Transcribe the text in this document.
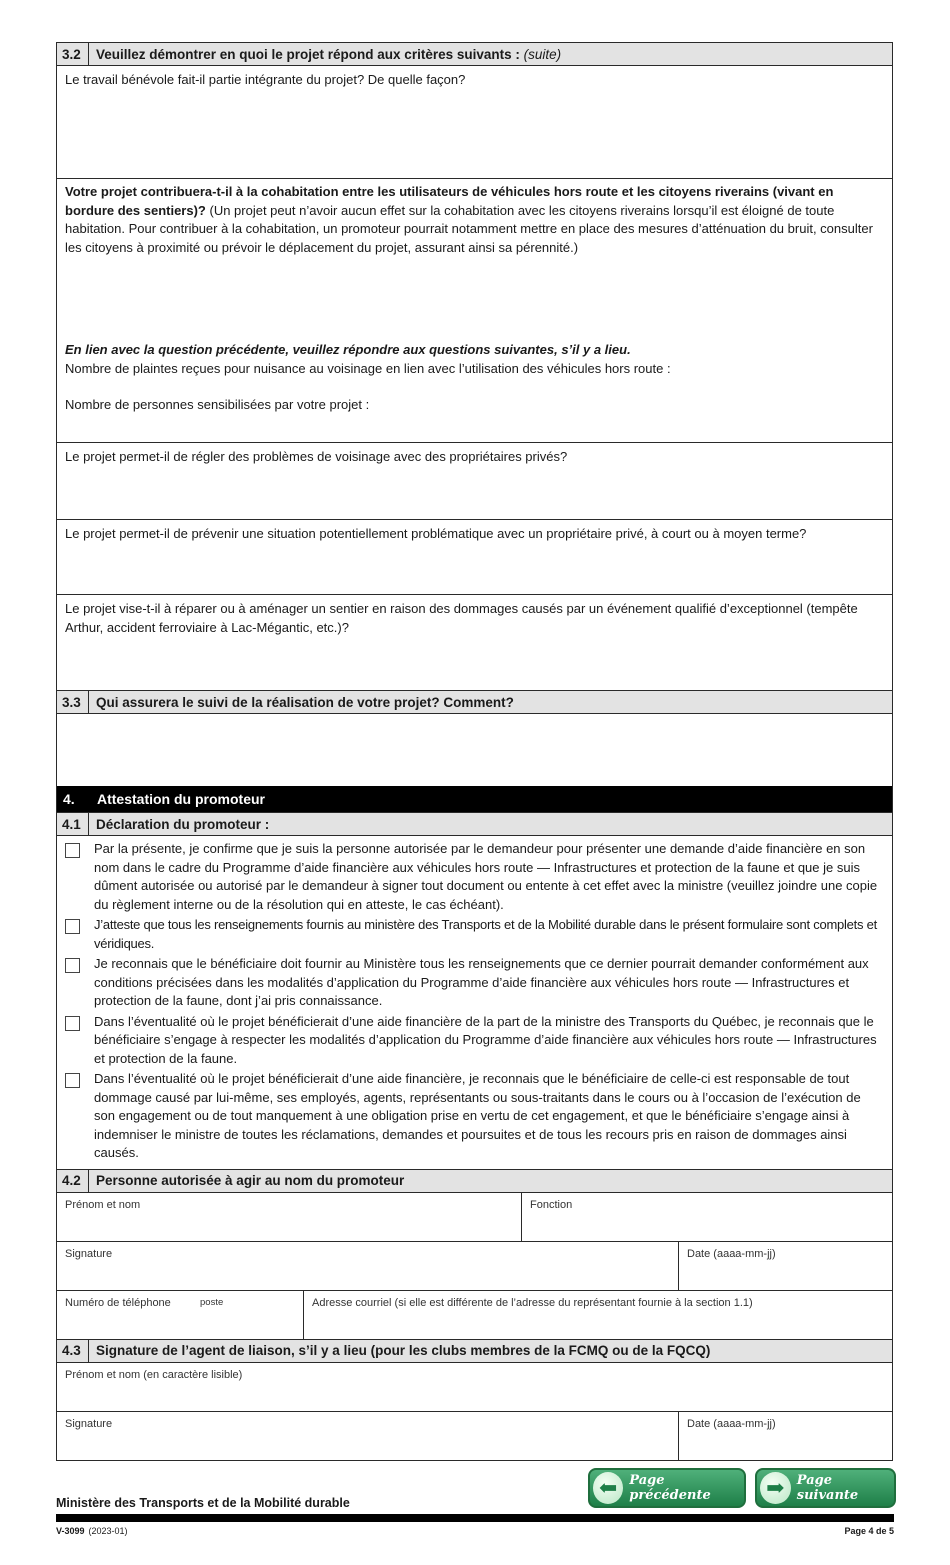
3.2	Veuillez démontrer en quoi le projet répond aux critères suivants : (suite)
Le travail bénévole fait-il partie intégrante du projet? De quelle façon?
Votre projet contribuera-t-il à la cohabitation entre les utilisateurs de véhicules hors route et les citoyens riverains (vivant en bordure des sentiers)? (Un projet peut n’avoir aucun effet sur la cohabitation avec les citoyens riverains lorsqu’il est éloigné de toute habitation. Pour contribuer à la cohabitation, un promoteur pourrait notamment mettre en place des mesures d’atténuation du bruit, consulter les citoyens à proximité ou prévoir le déplacement du projet, assurant ainsi sa pérennité.)
En lien avec la question précédente, veuillez répondre aux questions suivantes, s’il y a lieu.
Nombre de plaintes reçues pour nuisance au voisinage en lien avec l’utilisation des véhicules hors route :
Nombre de personnes sensibilisées par votre projet :
Le projet permet-il de régler des problèmes de voisinage avec des propriétaires privés?
Le projet permet-il de prévenir une situation potentiellement problématique avec un propriétaire privé, à court ou à moyen terme?
Le projet vise-t-il à réparer ou à aménager un sentier en raison des dommages causés par un événement qualifié d’exceptionnel (tempête Arthur, accident ferroviaire à Lac-Mégantic, etc.)?
3.3	Qui assurera le suivi de la réalisation de votre projet? Comment?
4.	Attestation du promoteur
4.1	Déclaration du promoteur :
Par la présente, je confirme que je suis la personne autorisée par le demandeur pour présenter une demande d’aide financière en son nom dans le cadre du Programme d’aide financière aux véhicules hors route — Infrastructures et protection de la faune et que je suis dûment autorisée ou autorisé par le demandeur à signer tout document ou entente à cet effet avec la ministre (veuillez joindre une copie du règlement interne ou de la résolution qui en atteste, le cas échéant).
J’atteste que tous les renseignements fournis au ministère des Transports et de la Mobilité durable dans le présent formulaire sont complets et véridiques.
Je reconnais que le bénéficiaire doit fournir au Ministère tous les renseignements que ce dernier pourrait demander conformément aux conditions précisées dans les modalités d’application du Programme d’aide financière aux véhicules hors route — Infrastructures et protection de la faune, dont j’ai pris connaissance.
Dans l’éventualité où le projet bénéficierait d’une aide financière de la part de la ministre des Transports du Québec, je reconnais que le bénéficiaire s’engage à respecter les modalités d’application du Programme d’aide financière aux véhicules hors route — Infrastructures et protection de la faune.
Dans l’éventualité où le projet bénéficierait d’une aide financière, je reconnais que le bénéficiaire de celle-ci est responsable de tout dommage causé par lui-même, ses employés, agents, représentants ou sous-traitants dans le cours ou à l’occasion de l’exécution de son engagement ou de tout manquement à une obligation prise en vertu de cet engagement, et que le bénéficiaire s’engage ainsi à indemniser le ministre de toutes les réclamations, demandes et poursuites et de tous les recours pris en raison de dommages ainsi causés.
4.2	Personne autorisée à agir au nom du promoteur
Prénom et nom	Fonction
Signature	Date (aaaa-mm-jj)
Numéro de téléphone	poste	Adresse courriel (si elle est différente de l’adresse du représentant fournie à la section 1.1)
4.3	Signature de l’agent de liaison, s’il y a lieu (pour les clubs membres de la FCMQ ou de la FQCQ)
Prénom et nom (en caractère lisible)
Signature	Date (aaaa-mm-jj)
⬅ Page précédente	➡ Page suivante
Ministère des Transports et de la Mobilité durable
V-3099 (2023-01)	Page 4 de 5
